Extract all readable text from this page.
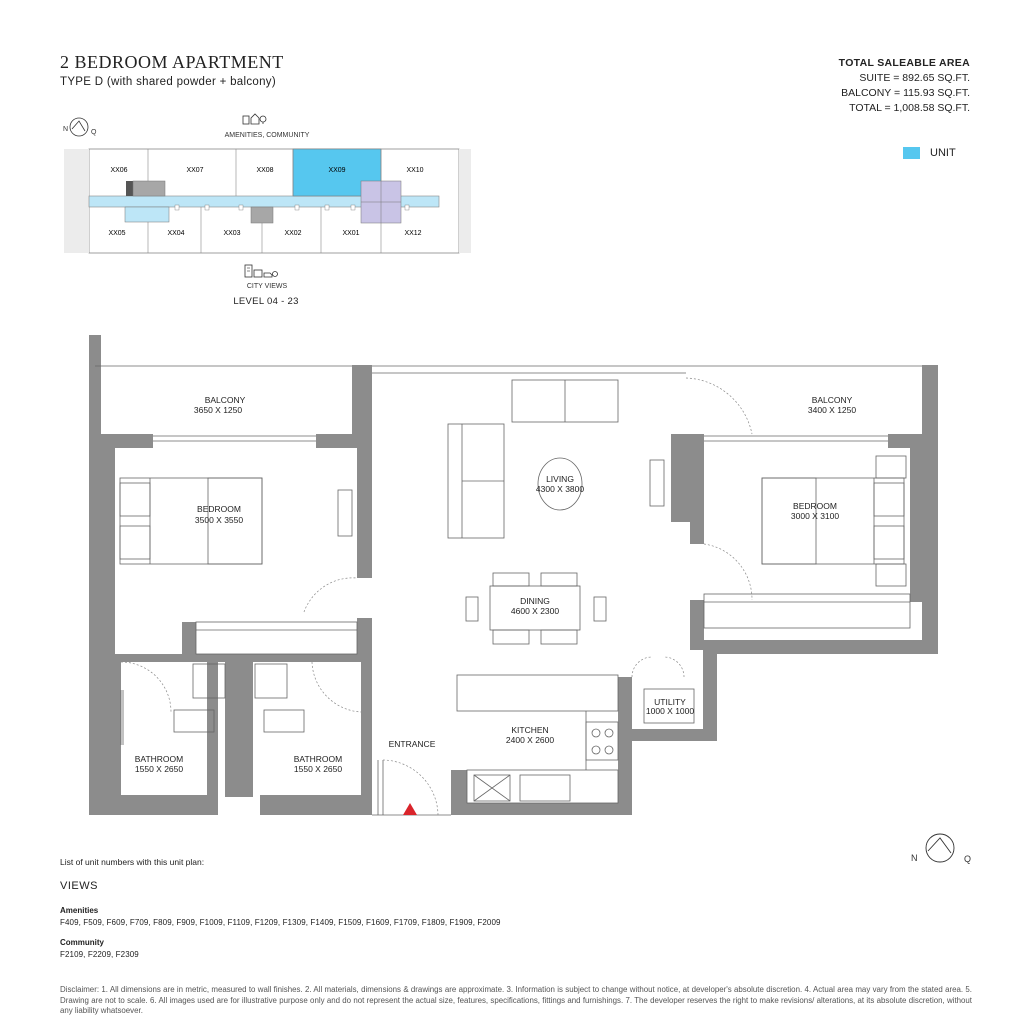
2 BEDROOM APARTMENT
TYPE D (with shared powder + balcony)
TOTAL SALEABLE AREA
SUITE = 892.65 SQ.FT.
BALCONY = 115.93 SQ.FT.
TOTAL = 1,008.58 SQ.FT.
UNIT
N	Q	AMENITIES, COMMUNITY
XX06	XX07	XX08	XX09	XX10
XX05	XX04	XX03	XX02	XX01	XX12
CITY VIEWS
LEVEL 04 - 23
BALCONY
3650 X 1250
BALCONY
3400 X 1250
BEDROOM
3500 X 3550
BEDROOM
3000 X 3100
LIVING
4300 X 3800
DINING
4600 X 2300
KITCHEN
2400 X 2600
UTILITY
1000 X 1000
BATHROOM
1550 X 2650
BATHROOM
1550 X 2650
ENTRANCE
N	Q
List of unit numbers with this unit plan:
VIEWS
Amenities
F409, F509, F609, F709, F809, F909, F1009, F1109, F1209, F1309, F1409, F1509, F1609, F1709, F1809, F1909, F2009
Community
F2109, F2209, F2309
Disclaimer: 1. All dimensions are in metric, measured to wall finishes. 2. All materials, dimensions & drawings are approximate. 3. Information is subject to change without notice, at developer's absolute discretion. 4. Actual area may vary from the stated area. 5. Drawing are not to scale. 6. All images used are for illustrative purpose only and do not represent the actual size, features, specifications, fittings and furnishings. 7. The developer reserves the right to make revisions/ alterations, at its absolute discretion, without any liability whatsoever.
